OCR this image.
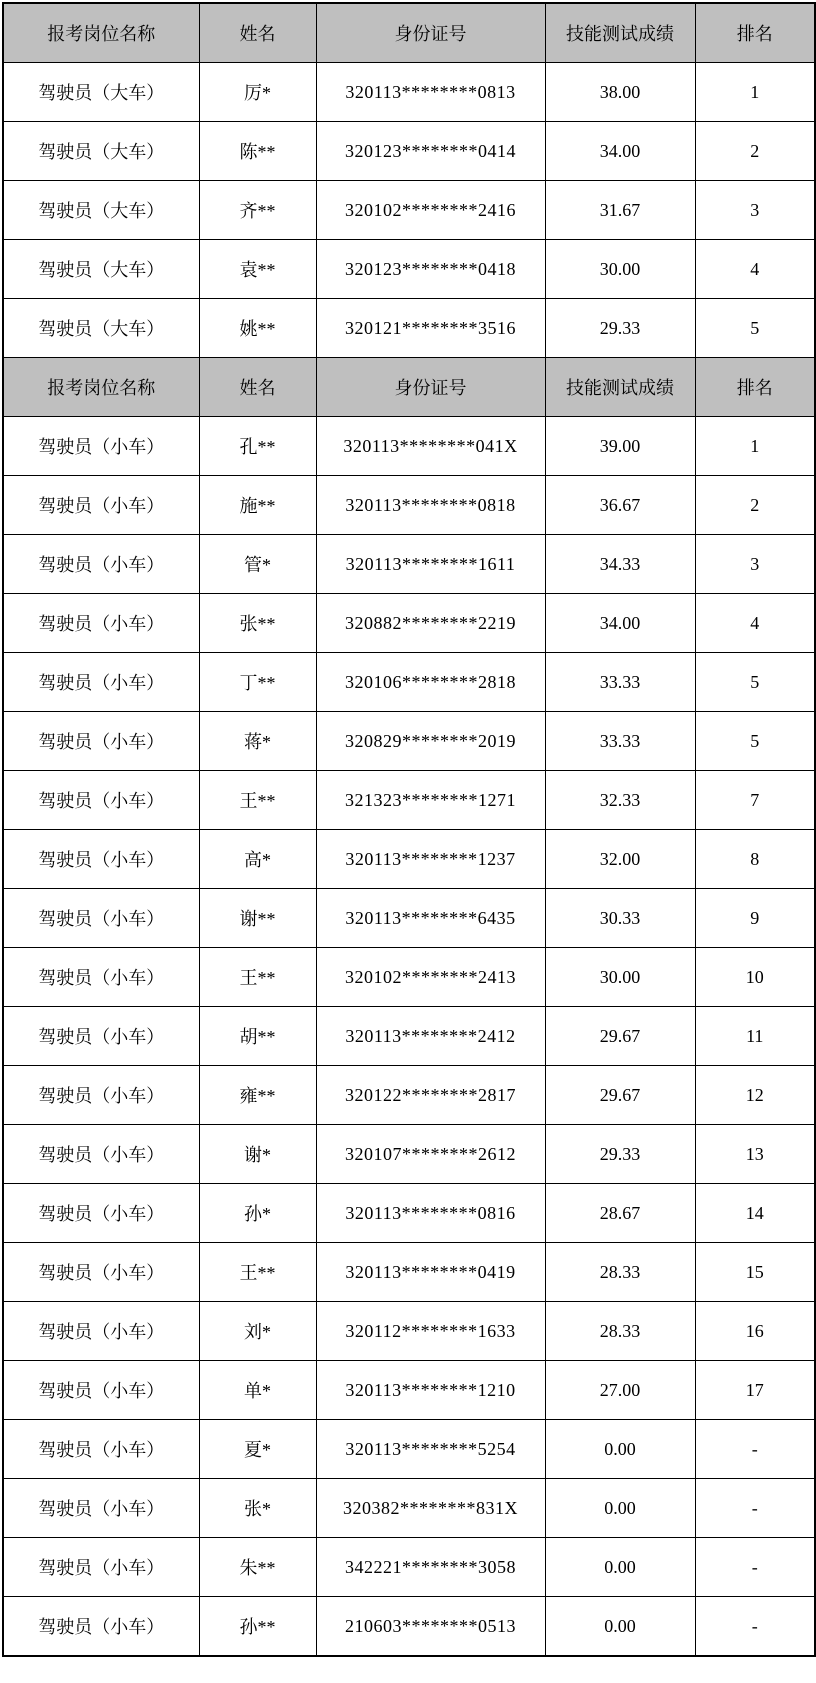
报考岗位名称	姓名	身份证号	技能测试成绩	排名
驾驶员（大车）	厉*	320113********0813	38.00	1
驾驶员（大车）	陈**	320123********0414	34.00	2
驾驶员（大车）	齐**	320102********2416	31.67	3
驾驶员（大车）	袁**	320123********0418	30.00	4
驾驶员（大车）	姚**	320121********3516	29.33	5
报考岗位名称	姓名	身份证号	技能测试成绩	排名
驾驶员（小车）	孔**	320113********041X	39.00	1
驾驶员（小车）	施**	320113********0818	36.67	2
驾驶员（小车）	管*	320113********1611	34.33	3
驾驶员（小车）	张**	320882********2219	34.00	4
驾驶员（小车）	丁**	320106********2818	33.33	5
驾驶员（小车）	蒋*	320829********2019	33.33	5
驾驶员（小车）	王**	321323********1271	32.33	7
驾驶员（小车）	高*	320113********1237	32.00	8
驾驶员（小车）	谢**	320113********6435	30.33	9
驾驶员（小车）	王**	320102********2413	30.00	10
驾驶员（小车）	胡**	320113********2412	29.67	11
驾驶员（小车）	雍**	320122********2817	29.67	12
驾驶员（小车）	谢*	320107********2612	29.33	13
驾驶员（小车）	孙*	320113********0816	28.67	14
驾驶员（小车）	王**	320113********0419	28.33	15
驾驶员（小车）	刘*	320112********1633	28.33	16
驾驶员（小车）	单*	320113********1210	27.00	17
驾驶员（小车）	夏*	320113********5254	0.00	-
驾驶员（小车）	张*	320382********831X	0.00	-
驾驶员（小车）	朱**	342221********3058	0.00	-
驾驶员（小车）	孙**	210603********0513	0.00	-
